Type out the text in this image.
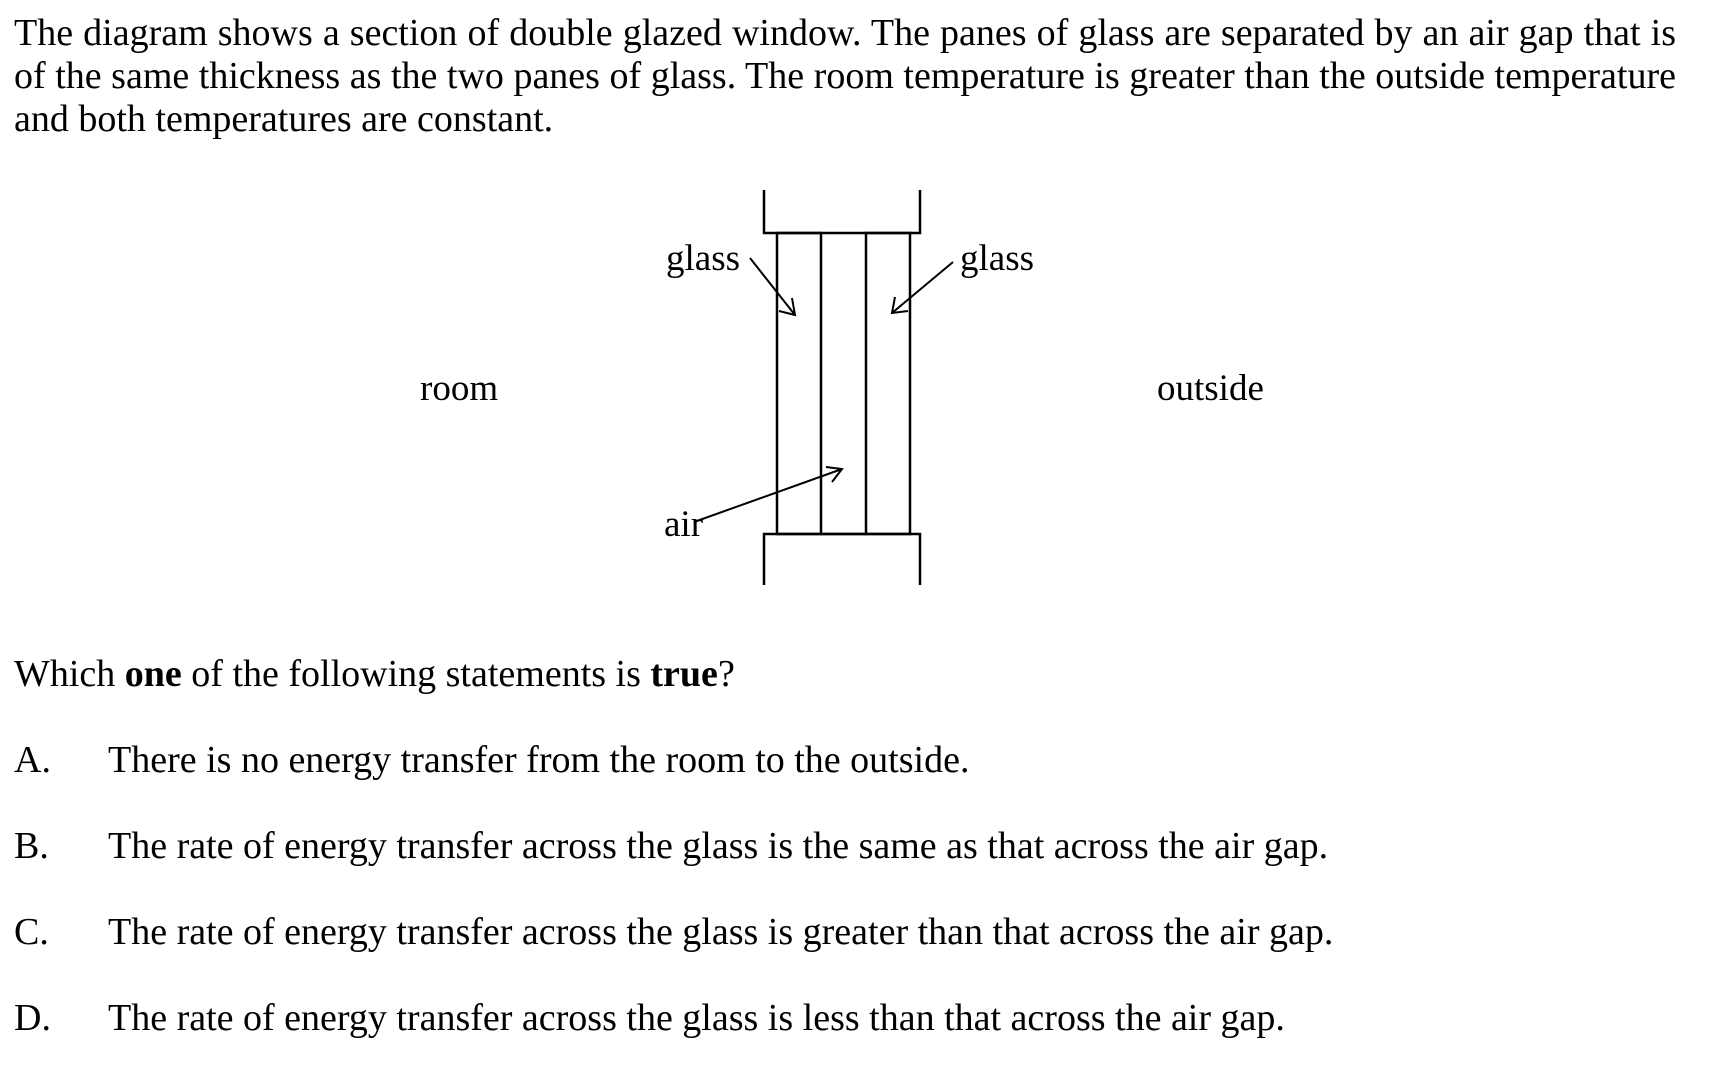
The diagram shows a section of double glazed window. The panes of glass are separated by an air gap that is of the same thickness as the two panes of glass. The room temperature is greater than the outside temperature and both temperatures are constant.

glass	glass
room	outside
air

Which one of the following statements is true?

A. There is no energy transfer from the room to the outside.
B. The rate of energy transfer across the glass is the same as that across the air gap.
C. The rate of energy transfer across the glass is greater than that across the air gap.
D. The rate of energy transfer across the glass is less than that across the air gap.
